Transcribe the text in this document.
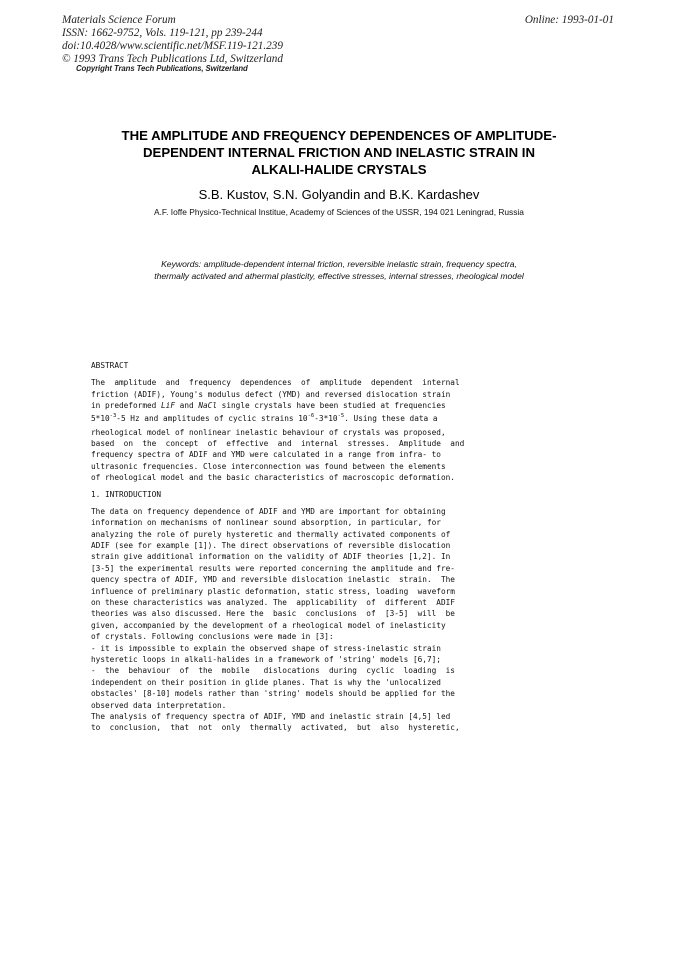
Materials Science Forum
ISSN: 1662-9752, Vols. 119-121, pp 239-244
doi:10.4028/www.scientific.net/MSF.119-121.239
© 1993 Trans Tech Publications Ltd, Switzerland
Online: 1993-01-01
Copyright Trans Tech Publications, Switzerland
THE AMPLITUDE AND FREQUENCY DEPENDENCES OF AMPLITUDE-
DEPENDENT INTERNAL FRICTION AND INELASTIC STRAIN IN
ALKALI-HALIDE CRYSTALS
S.B. Kustov, S.N. Golyandin and B.K. Kardashev
A.F. Ioffe Physico-Technical Institue, Academy of Sciences of the USSR, 194 021 Leningrad, Russia
Keywords: amplitude-dependent internal friction, reversible inelastic strain, frequency spectra,
thermally activated and athermal plasticity, effective stresses, internal stresses, rheological model
ABSTRACT
The  amplitude  and  frequency  dependences  of  amplitude  dependent  internal
friction (ADIF), Young's modulus defect (YMD) and reversed dislocation strain
in predeformed LiF and NaCl single crystals have been studied at frequencies
$5*10^{-3}-5$ Hz and amplitudes of cyclic strains $10^{-6}-3*10^{-5}$. Using these data a
rheological model of nonlinear inelastic behaviour of crystals was proposed,
based  on  the  concept  of  effective  and  internal  stresses.  Amplitude  and
frequency spectra of ADIF and YMD were calculated in a range from infra- to
ultrasonic frequencies. Close interconnection was found between the elements
of rheological model and the basic characteristics of macroscopic deformation.
1. INTRODUCTION
The data on frequency dependence of ADIF and YMD are important for obtaining
information on mechanisms of nonlinear sound absorption, in particular, for
analyzing the role of purely hysteretic and thermally activated components of
ADIF (see for example [1]). The direct observations of reversible dislocation
strain give additional information on the validity of ADIF theories [1,2]. In
[3-5] the experimental results were reported concerning the amplitude and fre-
quency spectra of ADIF, YMD and reversible dislocation inelastic  strain.  The
influence of preliminary plastic deformation, static stress, loading  waveform
on these characteristics was analyzed. The  applicability  of  different  ADIF
theories was also discussed. Here the  basic  conclusions  of  [3-5]  will  be
given, accompanied by the development of a rheological model of inelasticity
of crystals. Following conclusions were made in [3]:
- it is impossible to explain the observed shape of stress-inelastic strain
hysteretic loops in alkali-halides in a framework of 'string' models [6,7];
-  the  behaviour  of  the  mobile   dislocations  during  cyclic  loading  is
independent on their position in glide planes. That is why the 'unlocalized
obstacles' [8-10] models rather than 'string' models should be applied for the
observed data interpretation.
The analysis of frequency spectra of ADIF, YMD and inelastic strain [4,5] led
to  conclusion,  that  not  only  thermally  activated,  but  also  hysteretic,
